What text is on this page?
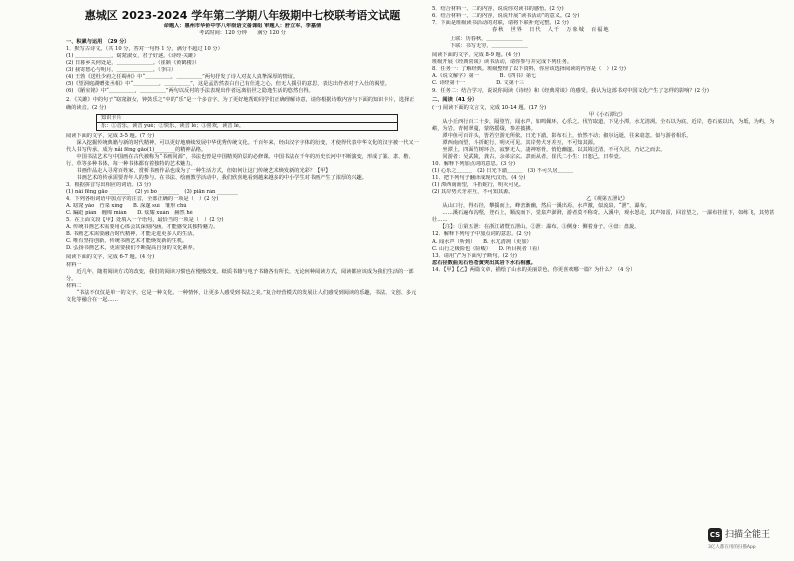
惠城区 2023-2024 学年第二学期八年级期中七校联考语文试题
命题人：惠州市华侨中学八年级语文备课组 审题人：舒立军、李嘉倩
考试时间：120 分钟　　满分 120 分
一、积累与运用　（29 分）
1．默写古诗文。（共 10 分，答对一句得 1 分，满分不超过 10 分）
(1) ＿＿＿＿＿＿＿，窈窕淑女，君子好逑。《诗经·关雎》
(2) 日暮乡关何处是，＿＿＿＿＿＿＿。（崔颢《黄鹤楼》）
(3) 我寄愁心与明月，＿＿＿＿＿＿＿。（李白）
(4) 王勃《送杜少府之任蜀州》中“＿＿＿＿＿，＿＿＿＿＿”两句抒发了诗人对友人真挚深厚的情谊。
(5)《望洞庭湖赠张丞相》中“＿＿＿＿＿，＿＿＿＿＿”，这是孟浩然表白自己有仕进之心，但无人援引的意思，表达出作者对于入仕的渴望。
(6) 《陋室铭》中“＿＿＿＿＿，＿＿＿＿＿”两句以反衬的手法表现出作者远离俗世之隐逸生活的悠然自得。
2．《关雎》中的句子“窈窕淑女，钟鼓乐之”中的“乐”是一个多音字。为了更好地帮助同学们正确理解诗意，请你根据诗歌内容与下面的知识卡片，选择正确的读音。(2 分)
知识卡片
乐：①音乐，读音 yuè；②快乐，读音 lè；③喜欢，读音 lè。
阅读下面的文字，完成 3-5 题。(7 分)
　　深入挖掘传统典籍与新的时代精神，可以更好地赓续发展中华优秀传统文化。千百年来，经由汉字字体的衍变，才使得代表中华文化的汉字被一代又一代人书写传承，成为 nǎi fēnɡ ɡāo(1)________的精神品格。
　　中国书法艺术与中国画在古代被称为“书画同源”，书法也曾是中国精英阶层的必修课。中国书法在千年的历史长河中不断演变，形成了篆、隶、楷、行、草等多种书体，每一种书体都有着独特的艺术魅力。
　　书画作品走入寻常百姓家，赏析书画作品也成为了一种生活方式，但如何让这门传统艺术焕发新的光彩？【甲】
　　书画艺术的传承需要青年人的参与。在书法、绘画教学活动中，我们欣喜地看到越来越多的中小学生对书画产生了浓厚的兴趣。
3．根据拼音写出相应的词语。(3 分)
(1) nǎi fēnɡ ɡāo ________　(2) yì bó ________　(3) piān rán ________
4．下列各组词语中加点字的注音，全部正确的一项是（　）(2 分)
A. 窈窕 yǎo　荇菜 xìng　　B. 深邃 suì　雏形 chú
C. 蹁跹 pián　缠绵 mián　　D. 炫耀 xuàn　赫然 hè
5．在上面文段【甲】处填入一个语句，最恰当的一项是（　）(2 分)
A. 传统书画艺术需要用心体会其深刻内涵，才能感受其独特魅力。
B. 书画艺术需要融合时代精神，才能走进更多人的生活。
C. 唯有坚持创新，传统书画艺术才能焕发新的生机。
D. 弘扬书画艺术，更需要我们不断提高自身的文化素养。
阅读下面的文字，完成 6-7 题。(4 分)
材料一
　　近几年，随着阅读方式的改变，我们的阅读习惯也在慢慢改变。纸质书籍与电子书籍各有所长，无论何种阅读方式，阅读都应该成为我们生活的一部分。
材料二
　　“书法不仅仅是单一的文字，它是一种文化、一种情怀，让更多人感受到书法之美。”复合经营模式的发展让人们感受到阅读的乐趣，书法、文创、多元文化等融合在一起……
5．结合材料一、二的内容，说说你对读书的感悟。(2 分)
6．结合材料一、二的内容，说说开展“读书活动”的意义。(2 分)
7．下面是班级读书活动的对联，请将下联补充完整。(2 分)
春秋　世界　日代　人千　万象城　百福地
上联：历春秋，＿＿＿＿＿＿＿
下联：书写无穷，＿＿＿＿＿＿＿
阅读下面的文字，完成 8-9 题。(4 分)
班级开展《经典常谈》读书活动，请你参与并完成下列任务。
8．任务一：了解经典。班级整理了以下资料，你应该选择阅读的内容是（　）(2 分)
A.《说文解字》第一　　　　B.《四书》第七
C. 诗经第十一　　　　　　D. 文第十三
9．任务二：结合学习，说说你阅读《诗经》和《经典常谈》的感受。我认为这部书对中国文化产生了怎样的影响？(2 分)
二、阅读（41 分）
(一) 阅读下面的文言文，完成 10-14 题。(17 分)
甲《小石潭记》
　　从小丘西行百二十步，隔篁竹，闻水声，如鸣佩环，心乐之。伐竹取道，下见小潭，水尤清冽。全石以为底，近岸，卷石底以出，为坻，为屿，为嵁，为岩。青树翠蔓，蒙络摇缀，参差披拂。
　　潭中鱼可百许头，皆若空游无所依。日光下澈，影布石上，佁然不动；俶尔远逝，往来翕忽。似与游者相乐。
　　潭西南而望，斗折蛇行，明灭可见。其岸势犬牙差互，不可知其源。
　　坐潭上，四面竹树环合，寂寥无人，凄神寒骨，悄怆幽邃。以其境过清，不可久居，乃记之而去。
　　同游者：吴武陵，龚古，余弟宗玄。隶而从者，崔氏二小生：曰恕己，曰奉壹。
10．解释下列加点词的意思。(3 分)
(1) 心乐之＿＿＿　(2) 日光下澈＿＿＿　(3) 不可久居＿＿＿
11．把下列句子翻译成现代汉语。(4 分)
(1) 潭西南而望，斗折蛇行，明灭可见。
(2) 其岸势犬牙差互，不可知其源。
乙《观第五泄记》
　　从山口行，得石径，攀援而上，峰峦渐幽，然后一溪出焉，水声激，似流泉，“泄”，瀑布。
　　……溪石遍布沟壑，登石上，顺流而下，觉泉声澎湃，游者莫不称奇。入溪中，观水怒走，其声如雷，回首望之，一瀑布挂崖下，如练飞，其势甚壮……
　　【注】：①第五泄：在浙江诸暨五泄山。②泄：瀑布。③侧身：侧着身子。④盘：盘旋。
12．解释下列句子中加点词的意思。(2 分)
A. 闻水声（听到）　　B. 水尤清冽（更加）
C. 山行之极险也（险峻）　　D. 所目视者（看）
13．请用“/”为下面句子断句。(2 分)
忽石径数曲见石色苍黄突出其岩下水石相激。
14．【甲】【乙】两篇文章，描绘了山水的美丽景色，你更喜欢哪一篇？为什么？（4 分）
CS 扫描全能王
3亿人都在用的扫描App
